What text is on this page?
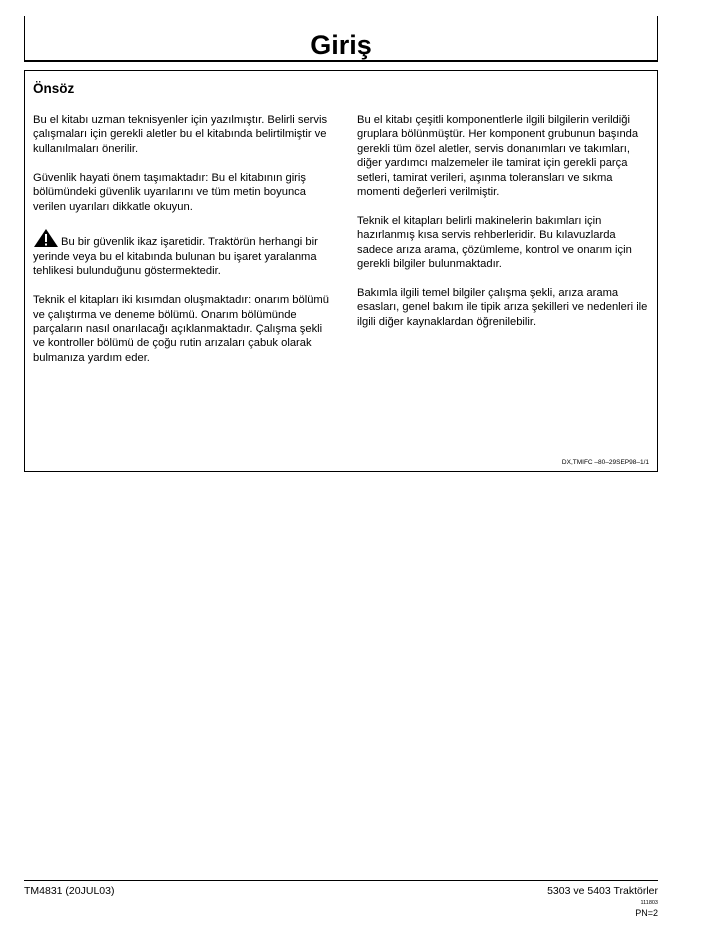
Giriş
Önsöz

Bu el kitabı uzman teknisyenler için yazılmıştır. Belirli servis çalışmaları için gerekli aletler bu el kitabında belirtilmiştir ve kullanılmaları önerilir.

Güvenlik hayati önem taşımaktadır: Bu el kitabının giriş bölümündeki güvenlik uyarılarını ve tüm metin boyunca verilen uyarıları dikkatle okuyun.

Bu bir güvenlik ikaz işaretidir. Traktörün herhangi bir yerinde veya bu el kitabında bulunan bu işaret yaralanma tehlikesi bulunduğunu göstermektedir.

Teknik el kitapları iki kısımdan oluşmaktadır: onarım bölümü ve çalıştırma ve deneme bölümü. Onarım bölümünde parçaların nasıl onarılacağı açıklanmaktadır. Çalışma şekli ve kontroller bölümü de çoğu rutin arızaları çabuk olarak bulmanıza yardım eder.

Bu el kitabı çeşitli komponentlerle ilgili bilgilerin verildiği gruplara bölünmüştür. Her komponent grubunun başında gerekli tüm özel aletler, servis donanımları ve takımları, diğer yardımcı malzemeler ile tamirat için gerekli parça setleri, tamirat verileri, aşınma toleransları ve sıkma momenti değerleri verilmiştir.

Teknik el kitapları belirli makinelerin bakımları için hazırlanmış kısa servis rehberleridir. Bu kılavuzlarda sadece arıza arama, çözümleme, kontrol ve onarım için gerekli bilgiler bulunmaktadır.

Bakımla ilgili temel bilgiler çalışma şekli, arıza arama esasları, genel bakım ile tipik arıza şekilleri ve nedenleri ile ilgili diğer kaynaklardan öğrenilebilir.

DX,TMIFC –80–29SEP98–1/1
TM4831 (20JUL03)	5303 ve 5403 Traktörler
111803
PN=2
